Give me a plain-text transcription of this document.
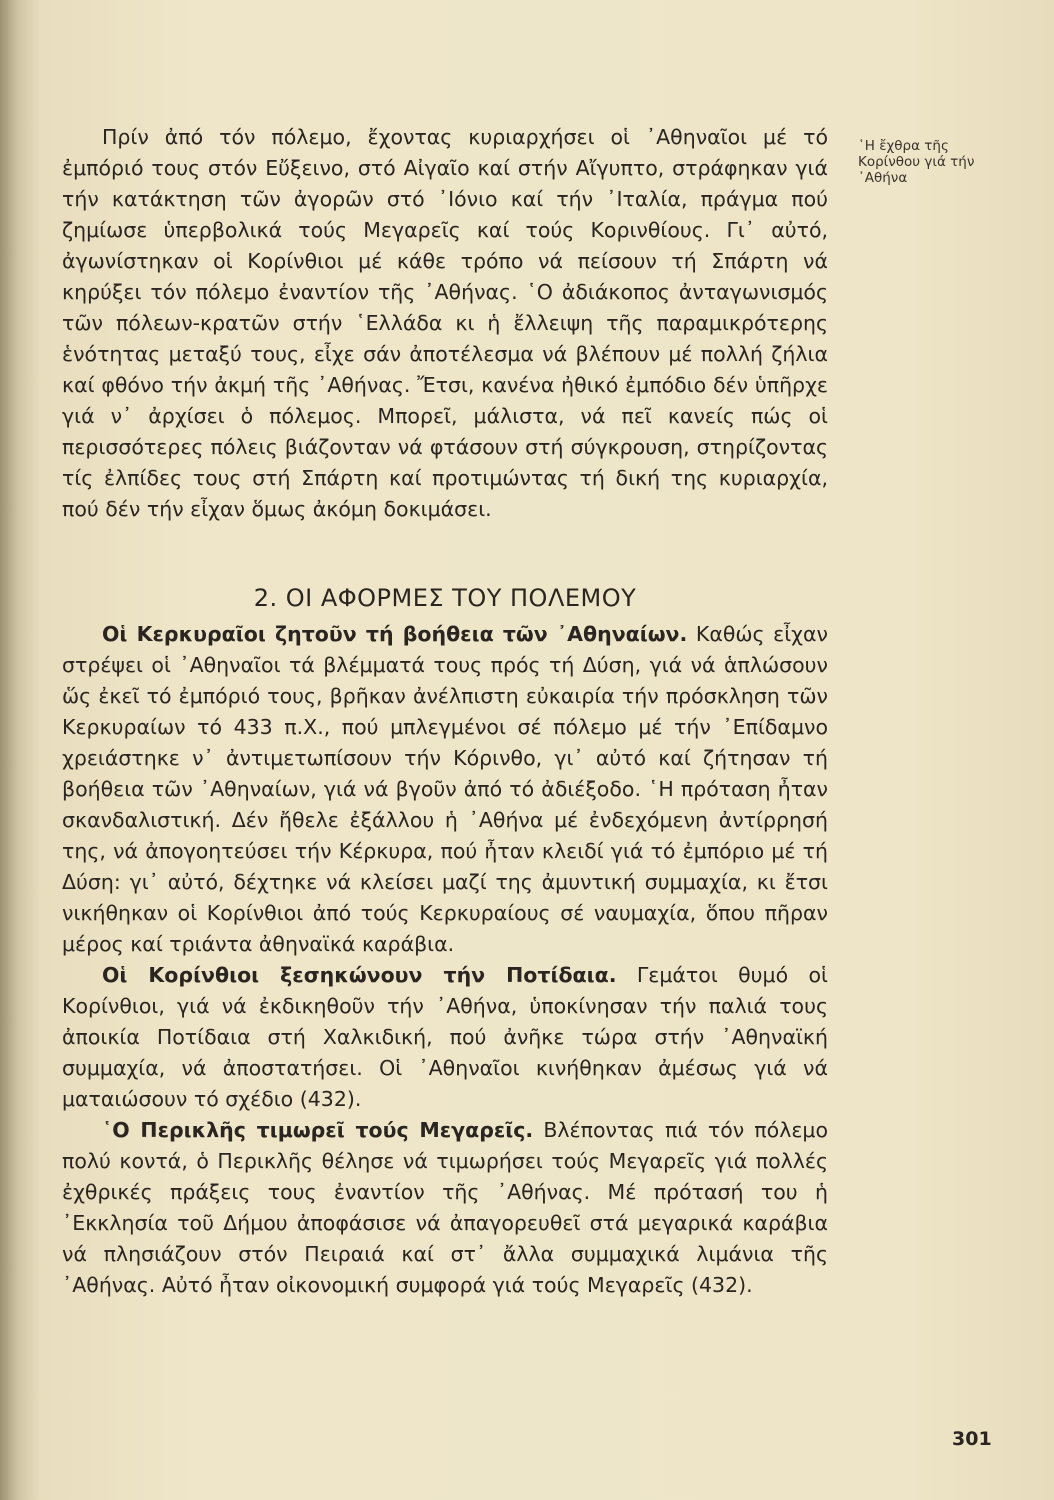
῾Η ἔχθρα τῆς Κορίνθου γιά τήν ᾿Αθήνα

Πρίν ἀπό τόν πόλεμο, ἔχοντας κυριαρχήσει οἱ ᾿Αθηναῖοι μέ τό ἐμπόριό τους στόν Εὔξεινο, στό Αἰγαῖο καί στήν Αἴγυπτο, στράφηκαν γιά τήν κατάκτηση τῶν ἀγορῶν στό ᾿Ιόνιο καί τήν ᾿Ιταλία, πράγμα πού ζημίωσε ὑπερβολικά τούς Μεγαρεῖς καί τούς Κορινθίους. Γι᾿ αὐτό, ἀγωνίστηκαν οἱ Κορίνθιοι μέ κάθε τρόπο νά πείσουν τή Σπάρτη νά κηρύξει τόν πόλεμο ἐναντίον τῆς ᾿Αθήνας. ῾Ο ἀδιάκοπος ἀνταγωνισμός τῶν πόλεων-κρατῶν στήν ῾Ελλάδα κι ἡ ἔλλειψη τῆς παραμικρότερης ἑνότητας μεταξύ τους, εἶχε σάν ἀποτέλεσμα νά βλέπουν μέ πολλή ζήλια καί φθόνο τήν ἀκμή τῆς ᾿Αθήνας. Ἔτσι, κανένα ἠθικό ἐμπόδιο δέν ὑπῆρχε γιά ν᾿ ἀρχίσει ὁ πόλεμος. Μπορεῖ, μάλιστα, νά πεῖ κανείς πώς οἱ περισσότερες πόλεις βιάζονταν νά φτάσουν στή σύγκρουση, στηρίζοντας τίς ἐλπίδες τους στή Σπάρτη καί προτιμώντας τή δική της κυριαρχία, πού δέν τήν εἶχαν ὅμως ἀκόμη δοκιμάσει.

2. ΟΙ ΑΦΟΡΜΕΣ ΤΟΥ ΠΟΛΕΜΟΥ

Οἱ Κερκυραῖοι ζητοῦν τή βοήθεια τῶν ᾿Αθηναίων. Καθώς εἶχαν στρέψει οἱ ᾿Αθηναῖοι τά βλέμματά τους πρός τή Δύση, γιά νά ἁπλώσουν ὥς ἐκεῖ τό ἐμπόριό τους, βρῆκαν ἀνέλπιστη εὐκαιρία τήν πρόσκληση τῶν Κερκυραίων τό 433 π.Χ., πού μπλεγμένοι σέ πόλεμο μέ τήν ᾿Επίδαμνο χρειάστηκε ν᾿ ἀντιμετωπίσουν τήν Κόρινθο, γι᾿ αὐτό καί ζήτησαν τή βοήθεια τῶν ᾿Αθηναίων, γιά νά βγοῦν ἀπό τό ἀδιέξοδο. ῾Η πρόταση ἦταν σκανδαλιστική. Δέν ἤθελε ἐξάλλου ἡ ᾿Αθήνα μέ ἐνδεχόμενη ἀντίρρησή της, νά ἀπογοητεύσει τήν Κέρκυρα, πού ἦταν κλειδί γιά τό ἐμπόριο μέ τή Δύση: γι᾿ αὐτό, δέχτηκε νά κλείσει μαζί της ἀμυντική συμμαχία, κι ἔτσι νικήθηκαν οἱ Κορίνθιοι ἀπό τούς Κερκυραίους σέ ναυμαχία, ὅπου πῆραν μέρος καί τριάντα ἀθηναϊκά καράβια.

Οἱ Κορίνθιοι ξεσηκώνουν τήν Ποτίδαια. Γεμάτοι θυμό οἱ Κορίνθιοι, γιά νά ἐκδικηθοῦν τήν ᾿Αθήνα, ὑποκίνησαν τήν παλιά τους ἀποικία Ποτίδαια στή Χαλκιδική, πού ἀνῆκε τώρα στήν ᾿Αθηναϊκή συμμαχία, νά ἀποστατήσει. Οἱ ᾿Αθηναῖοι κινήθηκαν ἀμέσως γιά νά ματαιώσουν τό σχέδιο (432).

῾Ο Περικλῆς τιμωρεῖ τούς Μεγαρεῖς. Βλέποντας πιά τόν πόλεμο πολύ κοντά, ὁ Περικλῆς θέλησε νά τιμωρήσει τούς Μεγαρεῖς γιά πολλές ἐχθρικές πράξεις τους ἐναντίον τῆς ᾿Αθήνας. Μέ πρότασή του ἡ ᾿Εκκλησία τοῦ Δήμου ἀποφάσισε νά ἀπαγορευθεῖ στά μεγαρικά καράβια νά πλησιάζουν στόν Πειραιά καί στ᾿ ἄλλα συμμαχικά λιμάνια τῆς ᾿Αθήνας. Αὐτό ἦταν οἰκονομική συμφορά γιά τούς Μεγαρεῖς (432).

301
